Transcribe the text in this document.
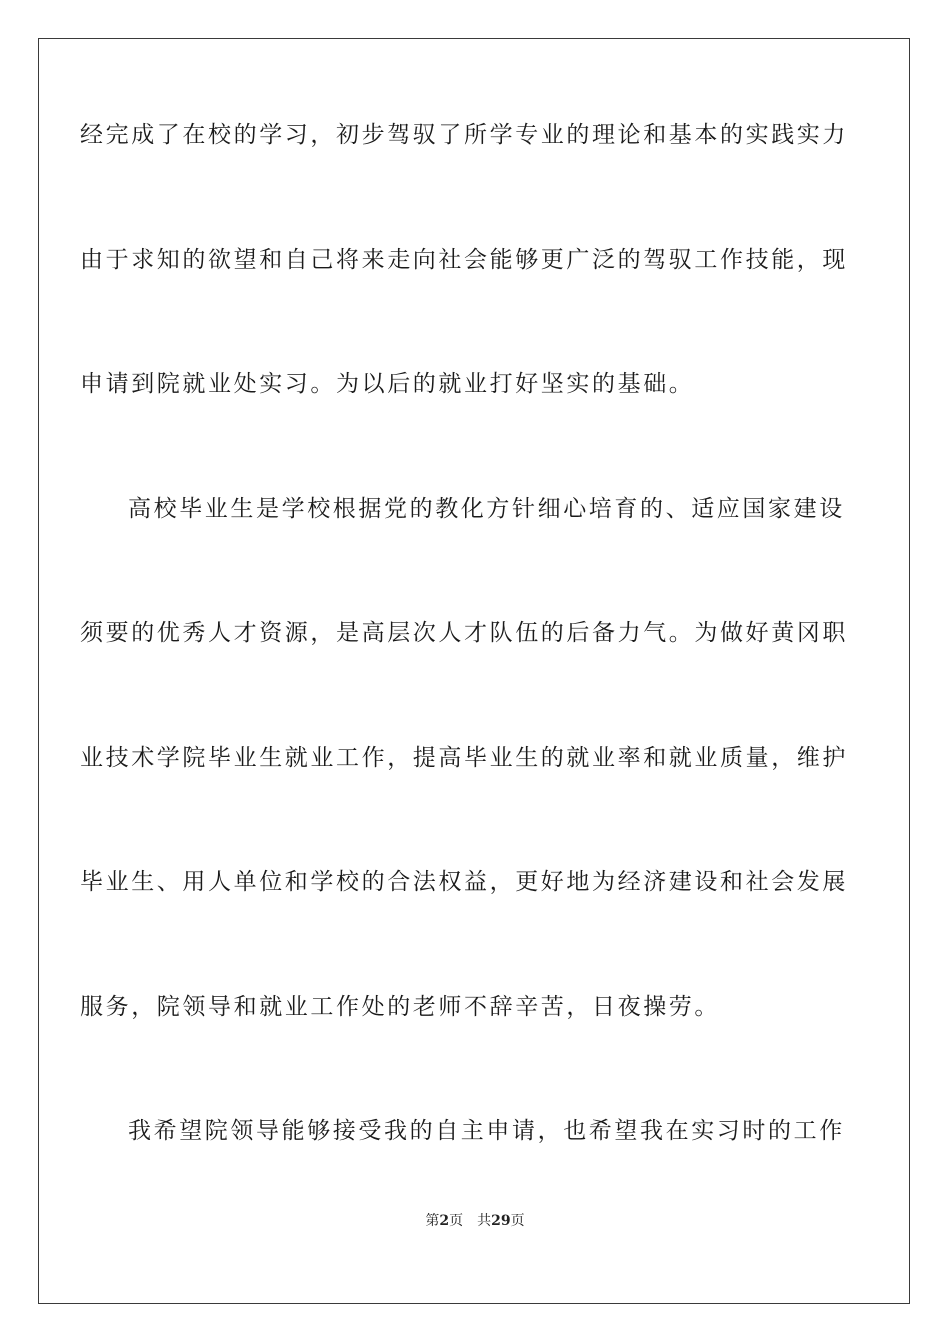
经完成了在校的学习，初步驾驭了所学专业的理论和基本的实践实力
由于求知的欲望和自己将来走向社会能够更广泛的驾驭工作技能，现
申请到院就业处实习。为以后的就业打好坚实的基础。
高校毕业生是学校根据党的教化方针细心培育的、适应国家建设
须要的优秀人才资源，是高层次人才队伍的后备力气。为做好黄冈职
业技术学院毕业生就业工作，提高毕业生的就业率和就业质量，维护
毕业生、用人单位和学校的合法权益，更好地为经济建设和社会发展
服务，院领导和就业工作处的老师不辞辛苦，日夜操劳。
我希望院领导能够接受我的自主申请，也希望我在实习时的工作
第2页 共29页
